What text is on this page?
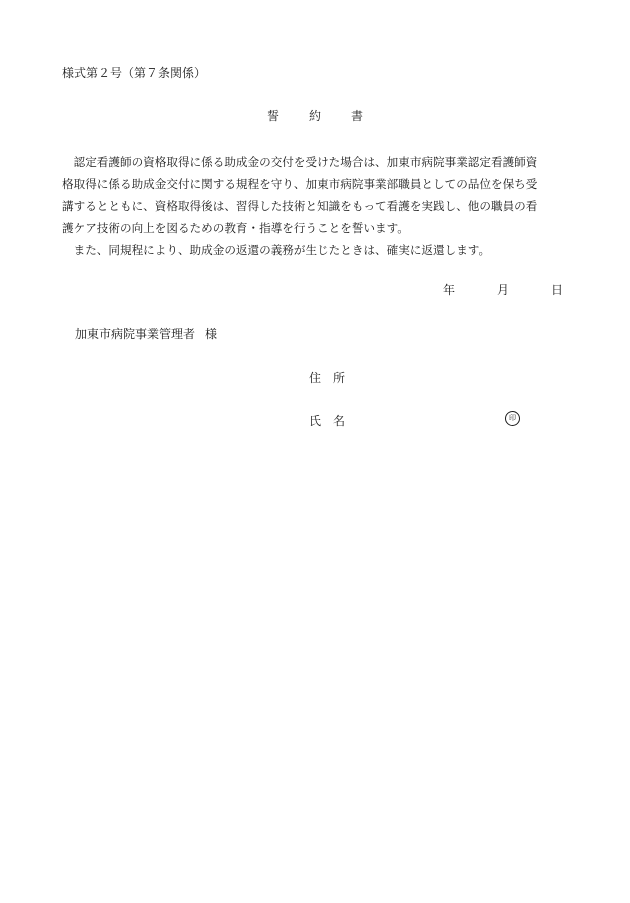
様式第２号（第７条関係）
誓	約	書
　認定看護師の資格取得に係る助成金の交付を受けた場合は、加東市病院事業認定看護師資
格取得に係る助成金交付に関する規程を守り、加東市病院事業部職員としての品位を保ち受
講するとともに、資格取得後は、習得した技術と知識をもって看護を実践し、他の職員の看
護ケア技術の向上を図るための教育・指導を行うことを誓います。
　また、同規程により、助成金の返還の義務が生じたときは、確実に返還します。
年	月	日
加東市病院事業管理者 様
住 所
氏 名	印
